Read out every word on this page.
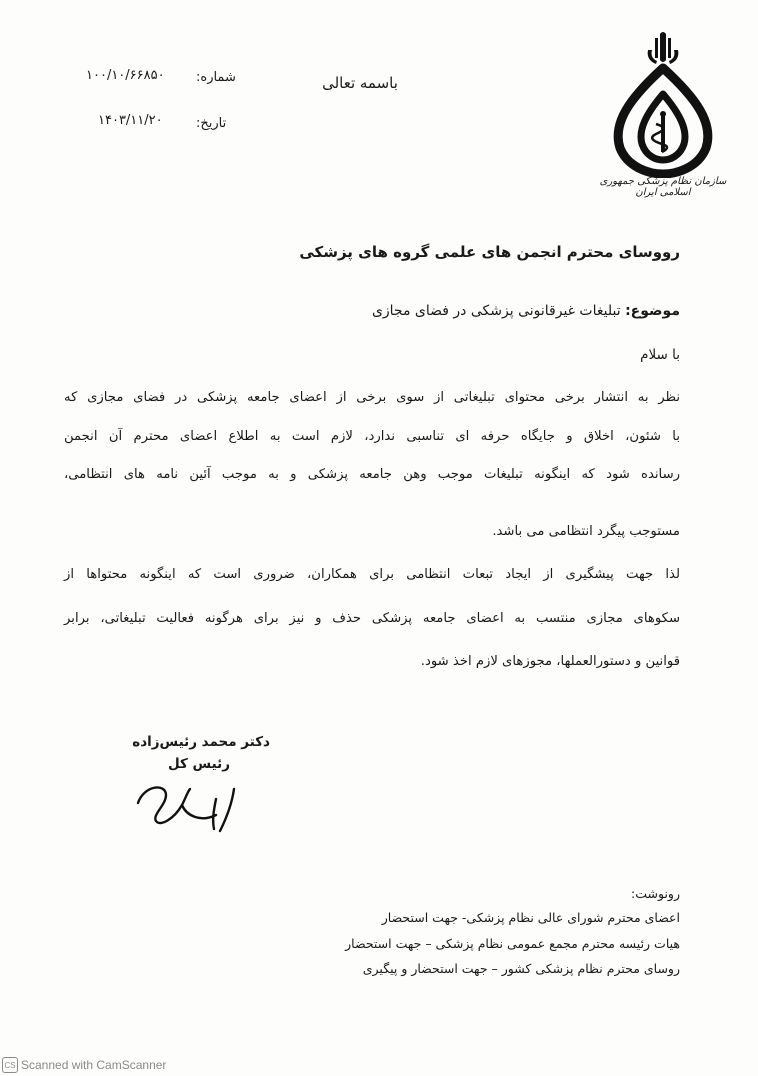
سازمان نظام پزشکی جمهوری اسلامی ایران
باسمه تعالی
شماره:
۱۰۰/۱۰/۶۶۸۵۰
تاریخ:
۱۴۰۳/۱۱/۲۰
رووسای محترم انجمن های علمی گروه های پزشکی
موضوع: تبلیغات غیرقانونی پزشکی در فضای مجازی
با سلام
نظر به انتشار برخی محتوای تبلیغاتی از سوی برخی از اعضای جامعه پزشکی در فضای مجازی که
با شئون، اخلاق و جایگاه حرفه ای تناسبی ندارد، لازم است به اطلاع اعضای محترم آن انجمن
رسانده شود که اینگونه تبلیغات موجب وهن جامعه پزشکی و به موجب آئین نامه های انتظامی،
مستوجب پیگرد انتظامی می باشد.
لذا جهت پیشگیری از ایجاد تبعات انتظامی برای همکاران، ضروری است که اینگونه محتواها از
سکوهای مجازی منتسب به اعضای جامعه پزشکی حذف و نیز برای هرگونه فعالیت تبلیغاتی، برابر
قوانین و دستورالعملها، مجوزهای لازم اخذ شود.
دکتر محمد رئیس‌زاده
رئیس کل
رونوشت:
اعضای محترم شورای عالی نظام پزشکی- جهت استحضار
هیات رئیسه محترم مجمع عمومی نظام پزشکی – جهت استحضار
روسای محترم نظام پزشکی کشور – جهت استحضار و پیگیری
CS Scanned with CamScanner
